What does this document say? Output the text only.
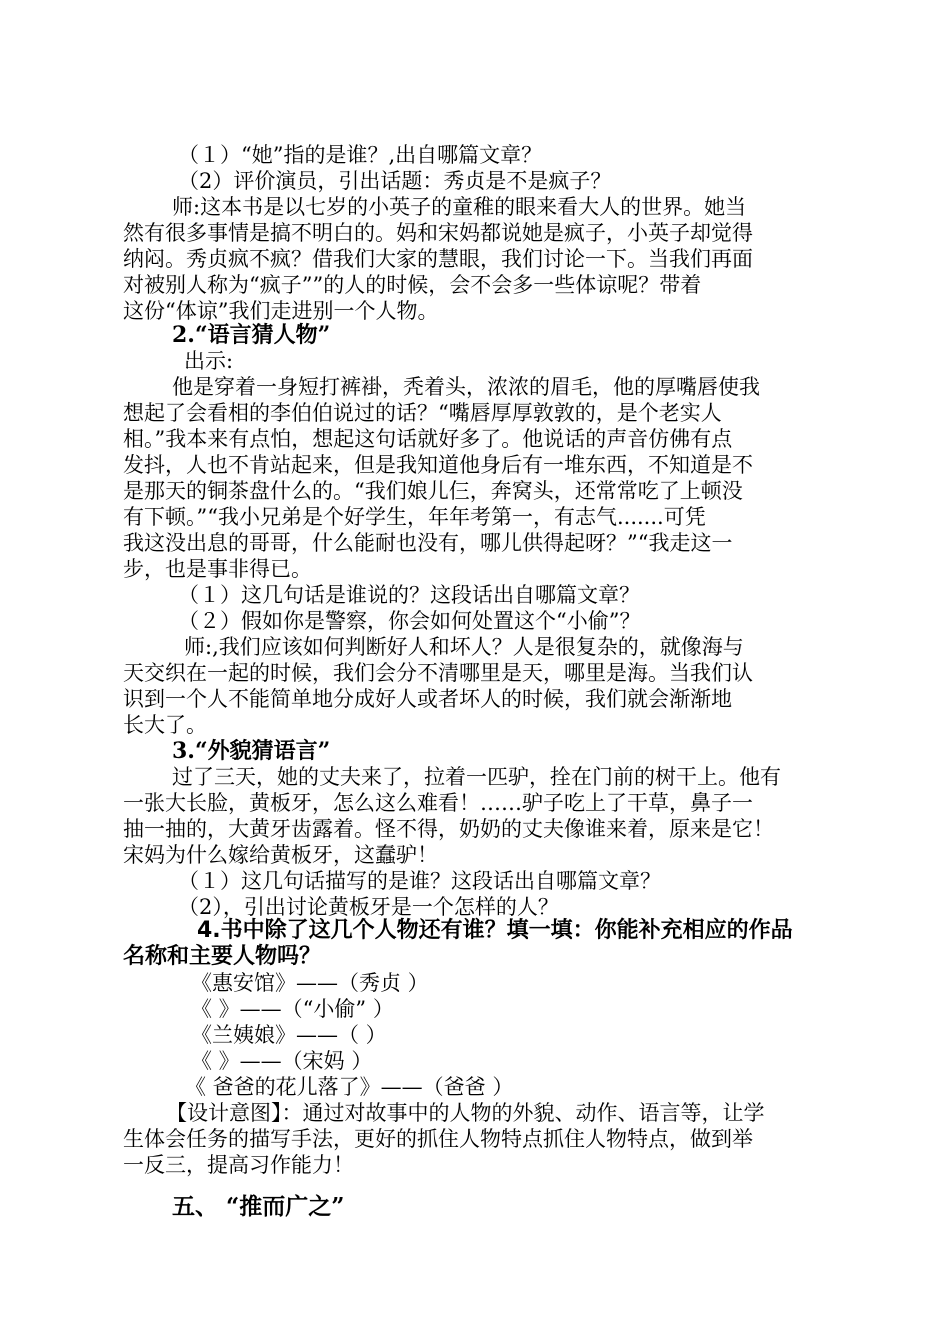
（１）“她”指的是谁？,出自哪篇文章？
（2）评价演员，引出话题：秀贞是不是疯子？
师:这本书是以七岁的小英子的童稚的眼来看大人的世界。她当
然有很多事情是搞不明白的。妈和宋妈都说她是疯子，小英子却觉得
纳闷。秀贞疯不疯？借我们大家的慧眼，我们讨论一下。当我们再面
对被别人称为“疯子””的人的时候，会不会多一些体谅呢？带着
这份“体谅”我们走进别一个人物。
2.“语言猜人物”
出示:
他是穿着一身短打裤褂，秃着头，浓浓的眉毛，他的厚嘴唇使我
想起了会看相的李伯伯说过的话？“嘴唇厚厚敦敦的，是个老实人
相。”我本来有点怕，想起这句话就好多了。他说话的声音仿佛有点
发抖，人也不肯站起来，但是我知道他身后有一堆东西，不知道是不
是那天的铜茶盘什么的。“我们娘儿仨，奔窝头，还常常吃了上顿没
有下顿。”“我小兄弟是个好学生，年年考第一，有志气.......可凭
我这没出息的哥哥，什么能耐也没有，哪儿供得起呀？”“我走这一
步，也是事非得已。
（１）这几句话是谁说的？这段话出自哪篇文章？
（２）假如你是警察，你会如何处置这个“小偷”？
师:,我们应该如何判断好人和坏人？人是很复杂的，就像海与
天交织在一起的时候，我们会分不清哪里是天，哪里是海。当我们认
识到一个人不能简单地分成好人或者坏人的时候，我们就会渐渐地
长大了。
3.“外貌猜语言”
过了三天，她的丈夫来了，拉着一匹驴，拴在门前的树干上。他有
一张大长脸，黄板牙，怎么这么难看！……驴子吃上了干草，鼻子一
抽一抽的，大黄牙齿露着。怪不得，奶奶的丈夫像谁来着，原来是它！
宋妈为什么嫁给黄板牙，这蠢驴！
（１）这几句话描写的是谁？这段话出自哪篇文章？
（2），引出讨论黄板牙是一个怎样的人？
4.书中除了这几个人物还有谁？填一填：你能补充相应的作品
名称和主要人物吗？
《惠安馆》——（秀贞 ）
《 》——（“小偷” ）
《兰姨娘》——（ ）
《 》——（宋妈 ）
《 爸爸的花儿落了》——（爸爸 ）
【设计意图】：通过对故事中的人物的外貌、动作、语言等，让学
生体会任务的描写手法，更好的抓住人物特点抓住人物特点，做到举
一反三，提高习作能力！
五、 “推而广之”
